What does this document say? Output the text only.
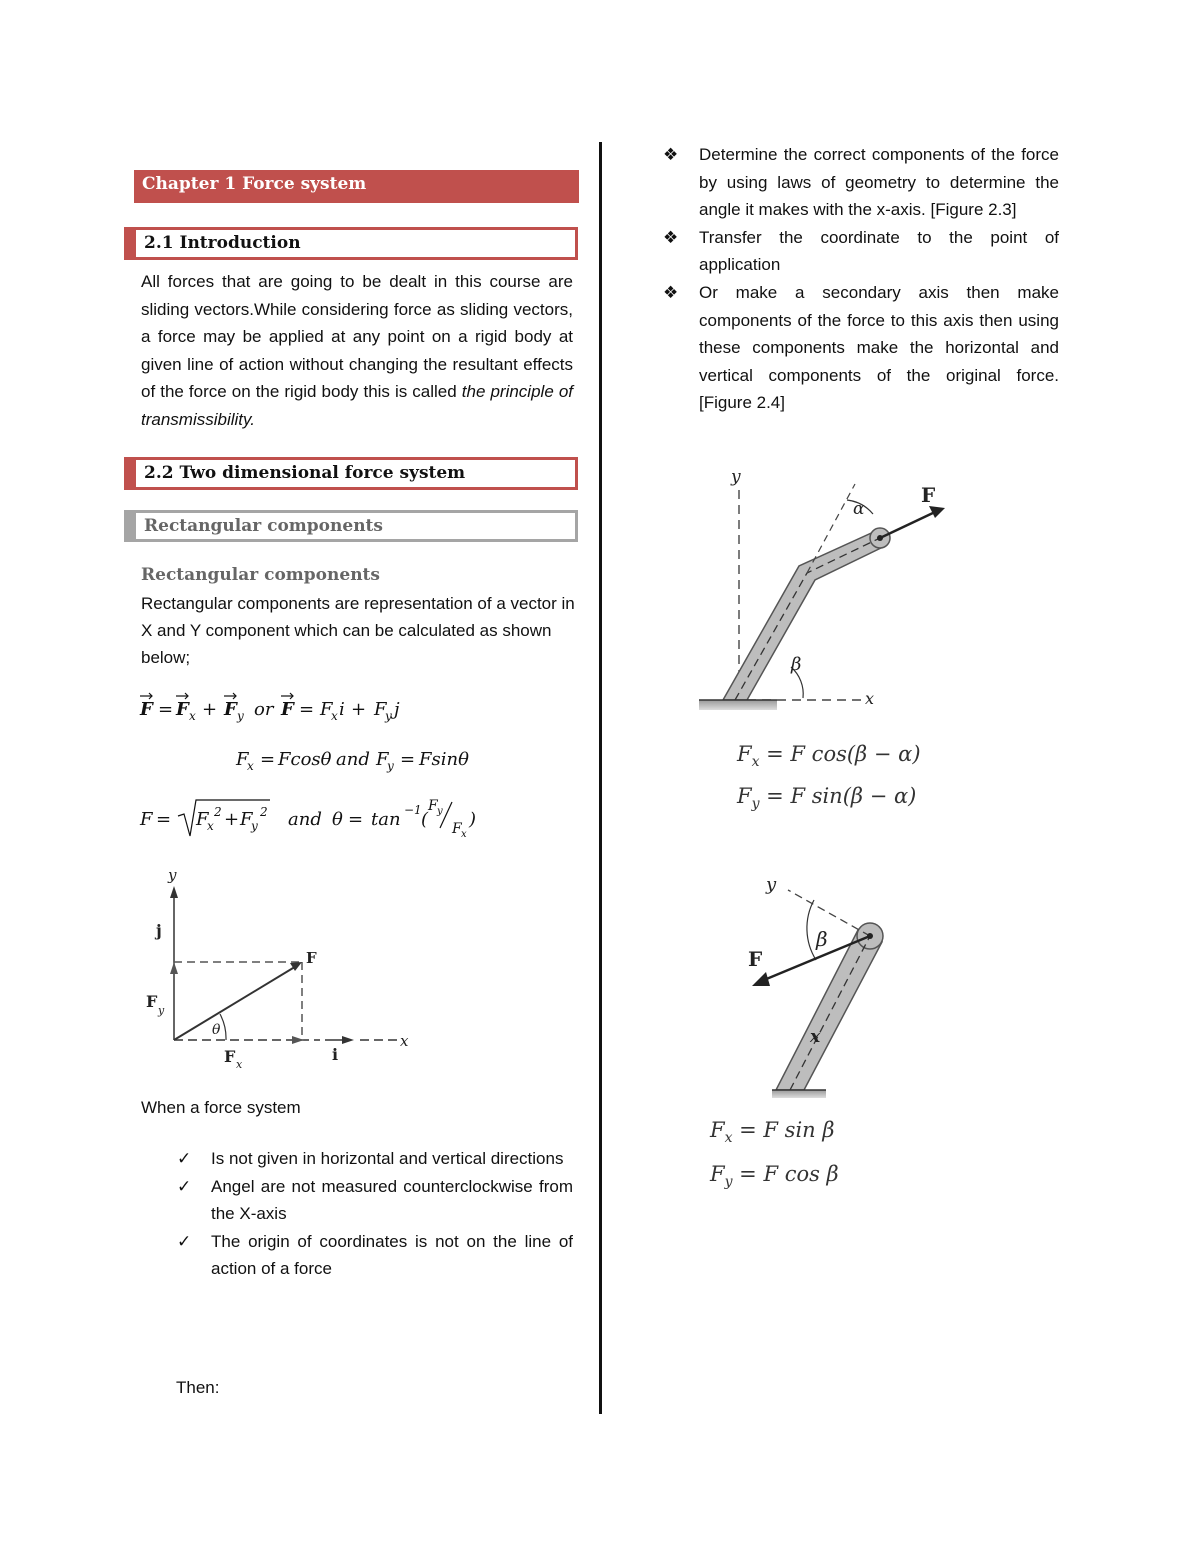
Chapter 1 Force system
2.1 Introduction
All forces that are going to be dealt in this course are sliding vectors.While considering force as sliding vectors, a force may be applied at any point on a rigid body at given line of action without changing the resultant effects of the force on the rigid body this is called the principle of transmissibility.
2.2 Two dimensional force system
Rectangular components
Rectangular components
Rectangular components are representation of a vector in X and Y component which can be calculated as shown below;
F = F x + F y or F = F
x i + F
y j
F
x = Fcosθ and F
y = Fsinθ
F = F
x
2 + F
y
2 and θ = tan −1 (
F y
F x
)
y
j
x
i
F
θ
F y
F x
When a force system
✓ Is not given in horizontal and vertical directions
✓ Angel are not measured counterclockwise from the X-axis
✓ The origin of coordinates is not on the line of action of a force
Then:
❖ Determine the correct components of the force by using laws of geometry to determine the angle it makes with the x-axis. [Figure 2.3]
❖ Transfer the coordinate to the point of application
❖ Or make a secondary axis then make components of the force to this axis then using these components make the horizontal and vertical components of the original force. [Figure 2.4]
y
α
F
β
x
$F_x = F$ cos(β − α)
$F_y = F$ sin(β − α)
x
y
β
F
$F_x = F$ sin β
$F_y = F$ cos β
